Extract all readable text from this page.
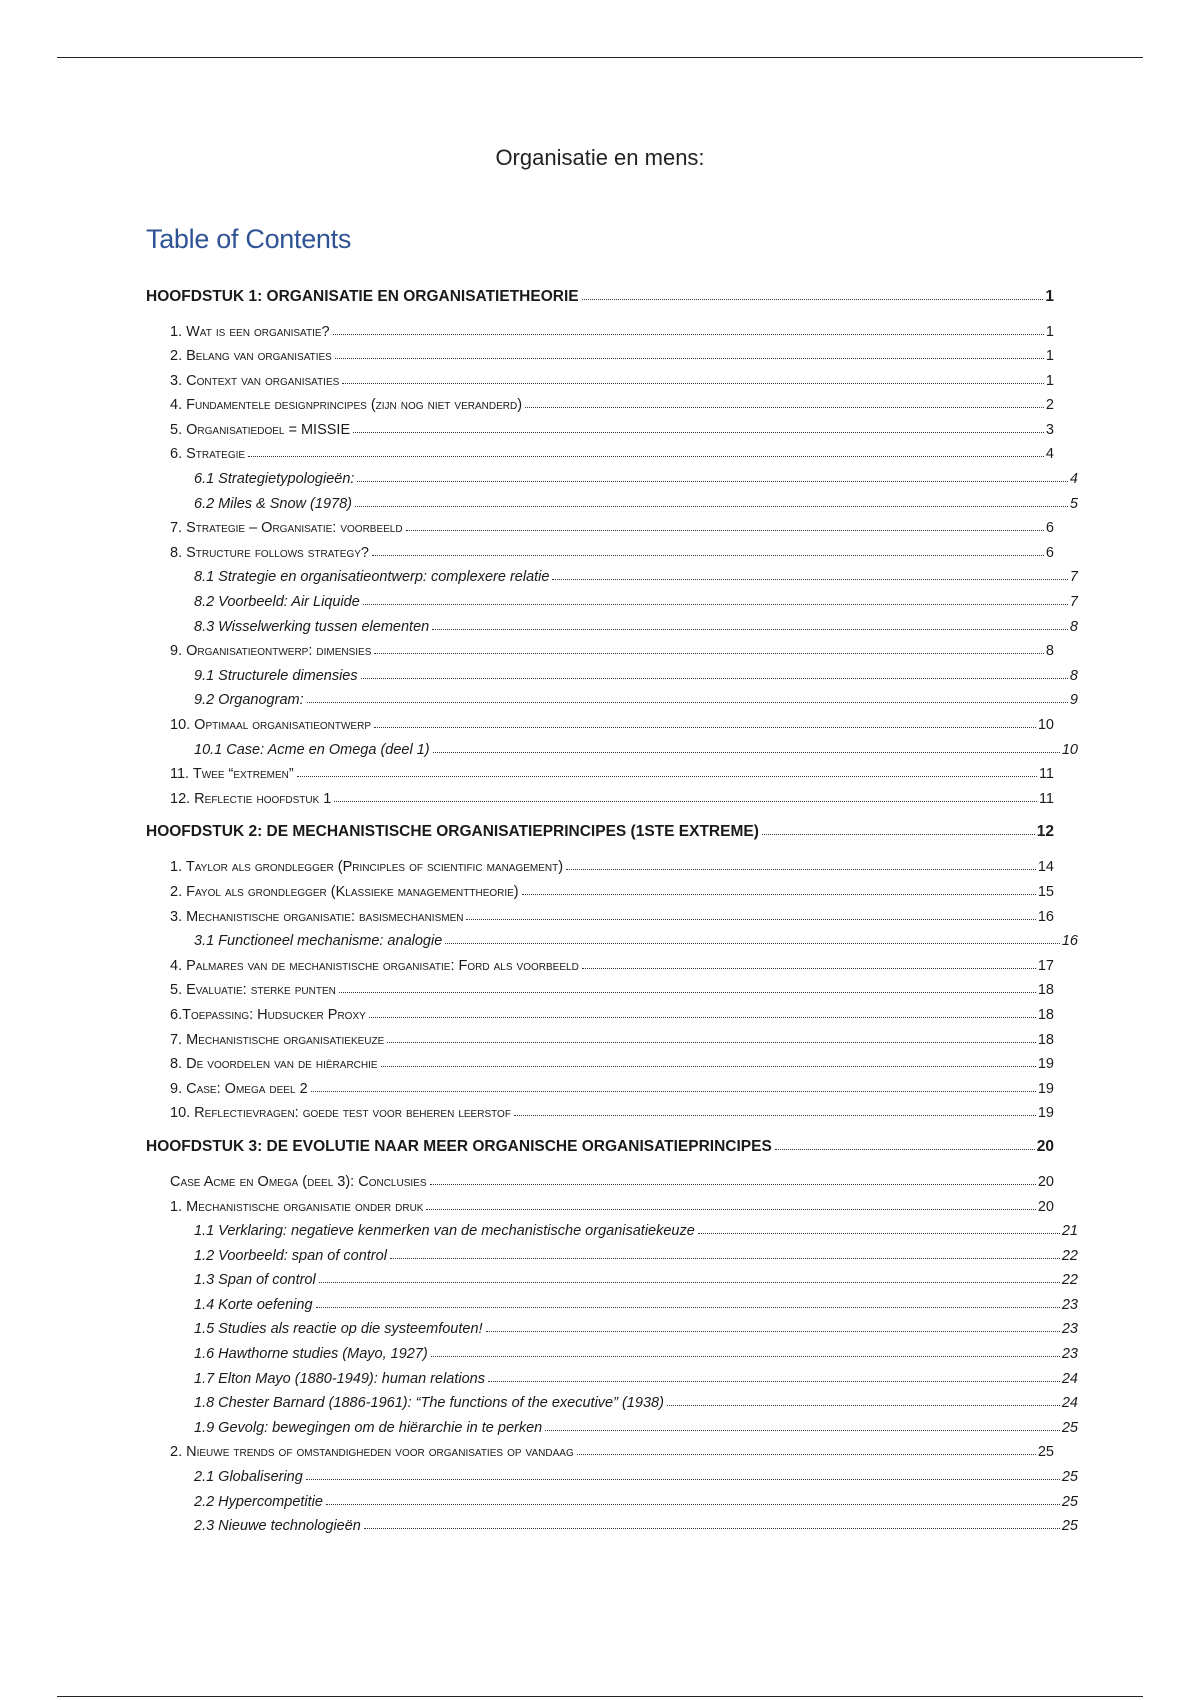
Organisatie en mens:
Table of Contents
HOOFDSTUK 1: ORGANISATIE EN ORGANISATIETHEORIE	1
1. Wat is een organisatie?	1
2. Belang van organisaties	1
3. Context van organisaties	1
4. Fundamentele designprincipes (zijn nog niet veranderd)	2
5. Organisatiedoel = MISSIE	3
6. Strategie	4
6.1 Strategietypologieën:	4
6.2 Miles & Snow (1978)	5
7. Strategie – Organisatie: voorbeeld	6
8. Structure follows strategy?	6
8.1 Strategie en organisatieontwerp: complexere relatie	7
8.2 Voorbeeld: Air Liquide	7
8.3 Wisselwerking tussen elementen	8
9. Organisatieontwerp: dimensies	8
9.1 Structurele dimensies	8
9.2 Organogram:	9
10. Optimaal organisatieontwerp	10
10.1 Case: Acme en Omega (deel 1)	10
11. Twee “extremen”	11
12. Reflectie hoofdstuk 1	11
HOOFDSTUK 2: DE MECHANISTISCHE ORGANISATIEPRINCIPES (1STE EXTREME)	12
1. Taylor als grondlegger (Principles of scientific management)	14
2. Fayol als grondlegger (Klassieke managementtheorie)	15
3. Mechanistische organisatie: basismechanismen	16
3.1 Functioneel mechanisme: analogie	16
4. Palmares van de mechanistische organisatie: Ford als voorbeeld	17
5. Evaluatie: sterke punten	18
6.Toepassing: Hudsucker Proxy	18
7. Mechanistische organisatiekeuze	18
8. De voordelen van de hiërarchie	19
9. Case: Omega deel 2	19
10. Reflectievragen: goede test voor beheren leerstof	19
HOOFDSTUK 3: DE EVOLUTIE NAAR MEER ORGANISCHE ORGANISATIEPRINCIPES	20
Case Acme en Omega (deel 3): Conclusies	20
1. Mechanistische organisatie onder druk	20
1.1 Verklaring: negatieve kenmerken van de mechanistische organisatiekeuze	21
1.2 Voorbeeld: span of control	22
1.3 Span of control	22
1.4 Korte oefening	23
1.5 Studies als reactie op die systeemfouten!	23
1.6 Hawthorne studies (Mayo, 1927)	23
1.7 Elton Mayo (1880-1949): human relations	24
1.8 Chester Barnard (1886-1961): “The functions of the executive” (1938)	24
1.9 Gevolg: bewegingen om de hiërarchie in te perken	25
2. Nieuwe trends of omstandigheden voor organisaties op vandaag	25
2.1 Globalisering	25
2.2 Hypercompetitie	25
2.3 Nieuwe technologieën	25
